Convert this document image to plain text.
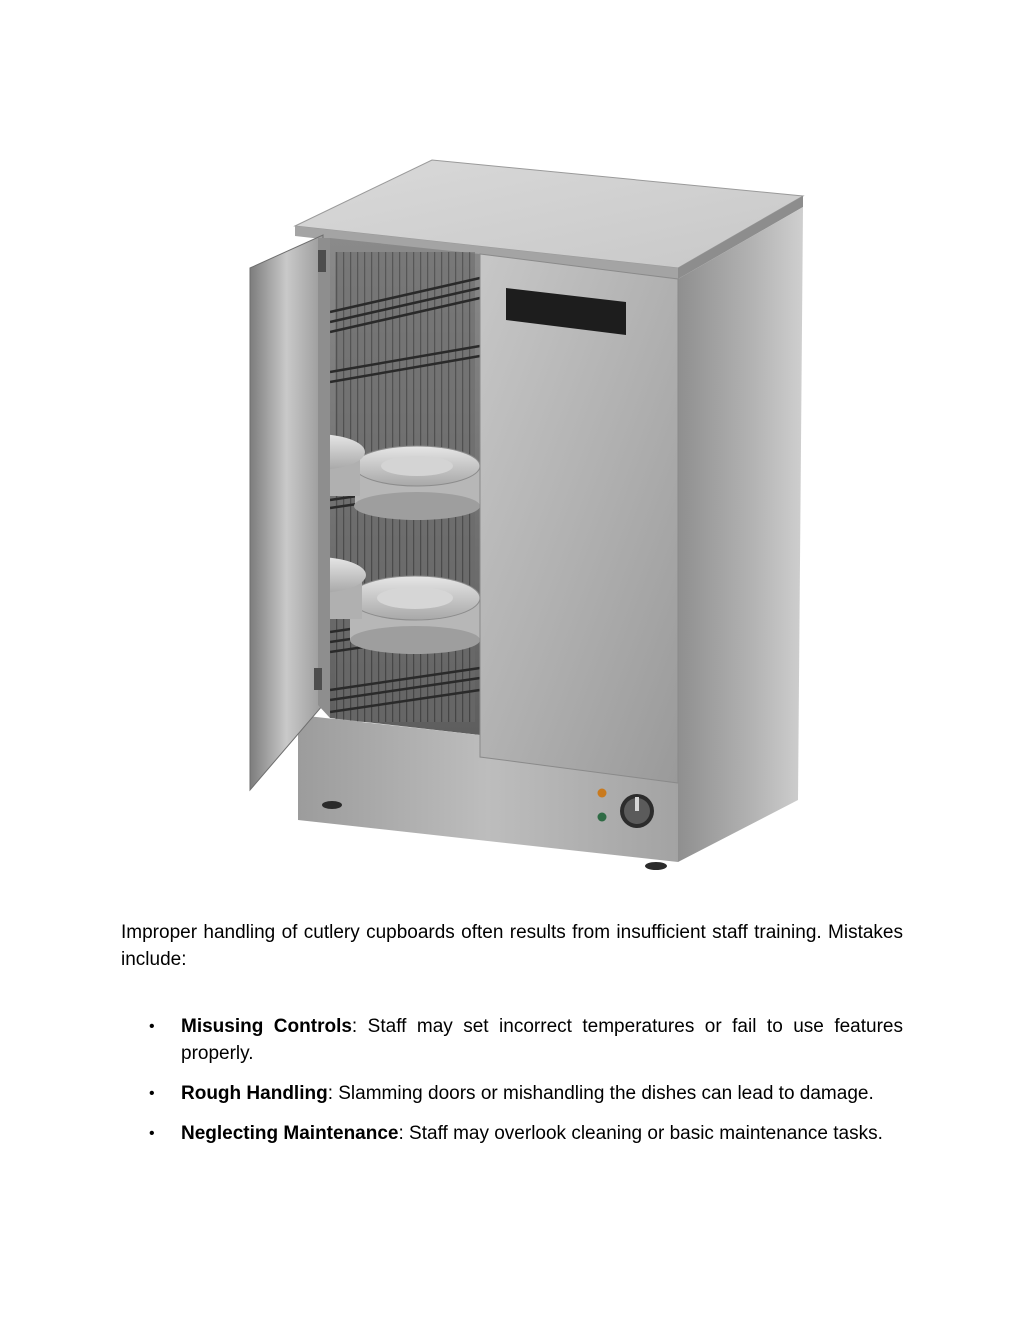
Improper handling of cutlery cupboards often results from insufficient staff training. Mistakes include:

• Misusing Controls: Staff may set incorrect temperatures or fail to use features properly.
• Rough Handling: Slamming doors or mishandling the dishes can lead to damage.
• Neglecting Maintenance: Staff may overlook cleaning or basic maintenance tasks.
